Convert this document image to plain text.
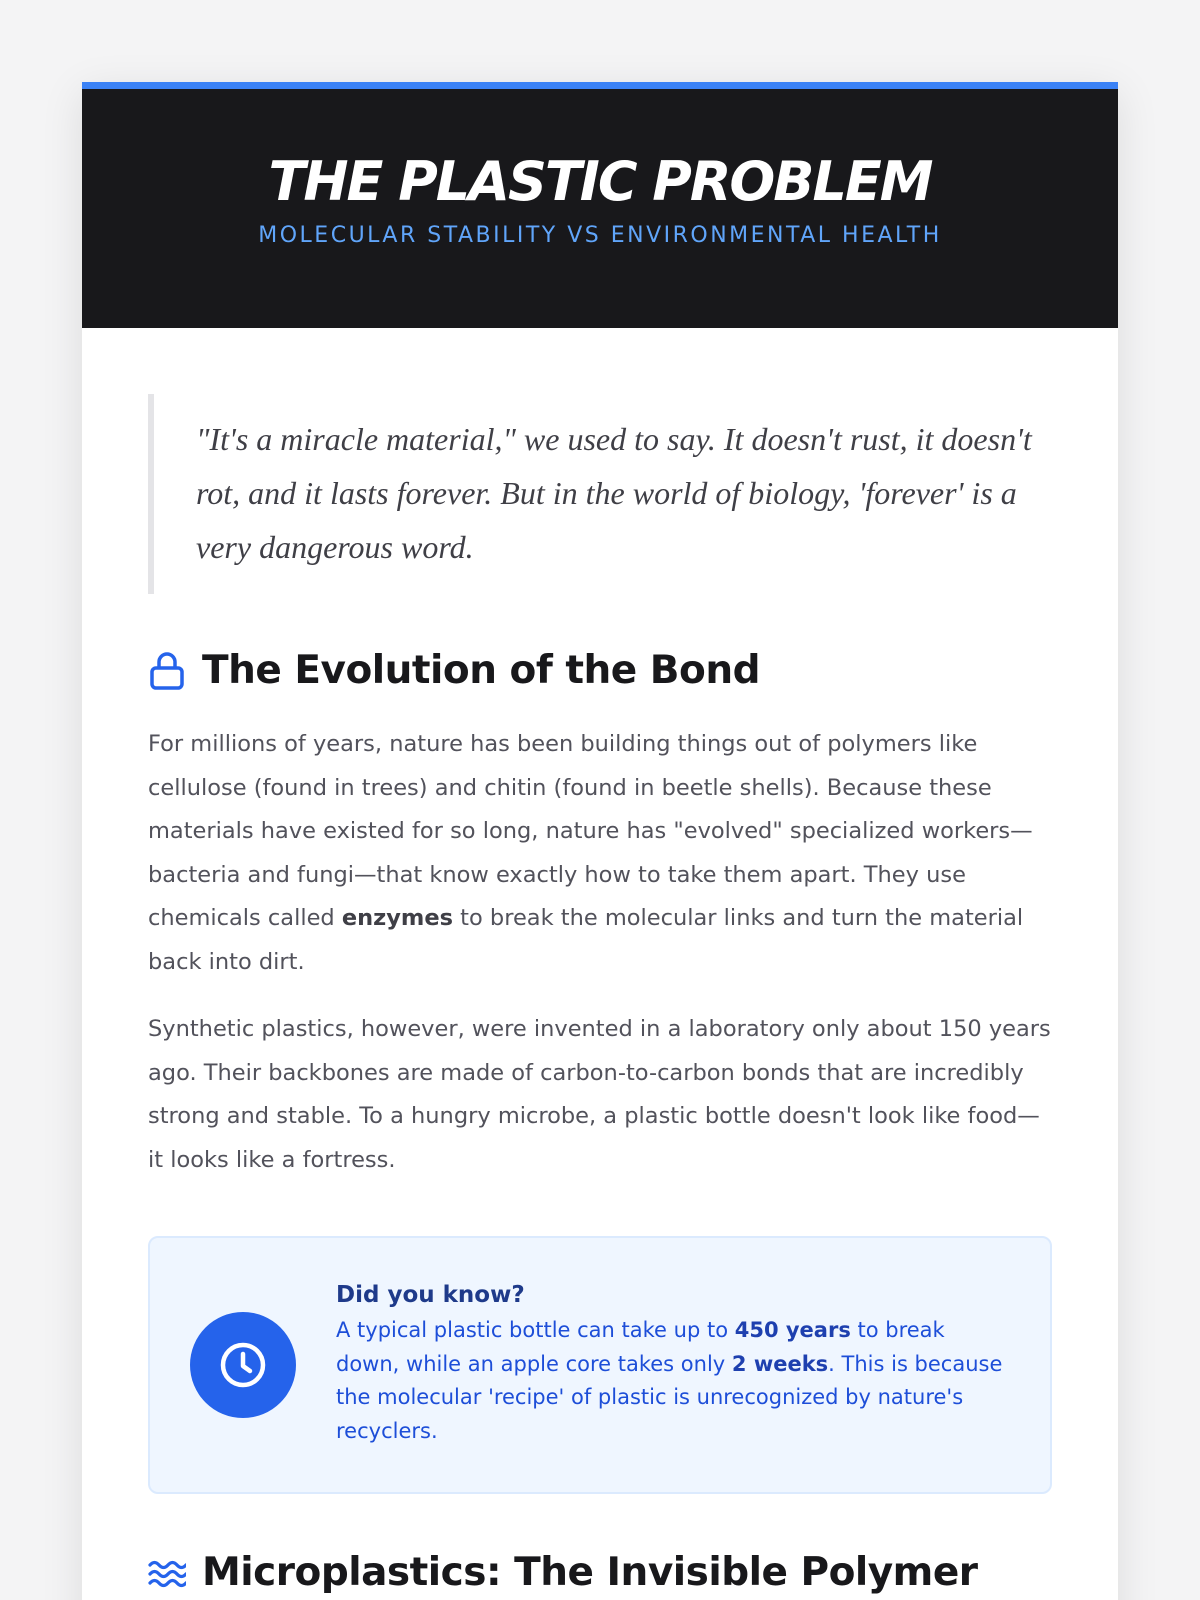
THE PLASTIC PROBLEM
MOLECULAR STABILITY VS ENVIRONMENTAL HEALTH
"It's a miracle material," we used to say. It doesn't rust, it doesn't rot, and it lasts forever. But in the world of biology, 'forever' is a very dangerous word.
The Evolution of the Bond

For millions of years, nature has been building things out of polymers like cellulose (found in trees) and chitin (found in beetle shells). Because these materials have existed for so long, nature has "evolved" specialized workers—bacteria and fungi—that know exactly how to take them apart. They use chemicals called enzymes to break the molecular links and turn the material back into dirt.

Synthetic plastics, however, were invented in a laboratory only about 150 years ago. Their backbones are made of carbon-to-carbon bonds that are incredibly strong and stable. To a hungry microbe, a plastic bottle doesn't look like food—it looks like a fortress.

Did you know?
A typical plastic bottle can take up to 450 years to break down, while an apple core takes only 2 weeks. This is because the molecular 'recipe' of plastic is unrecognized by nature's recyclers.
Microplastics: The Invisible Polymer
